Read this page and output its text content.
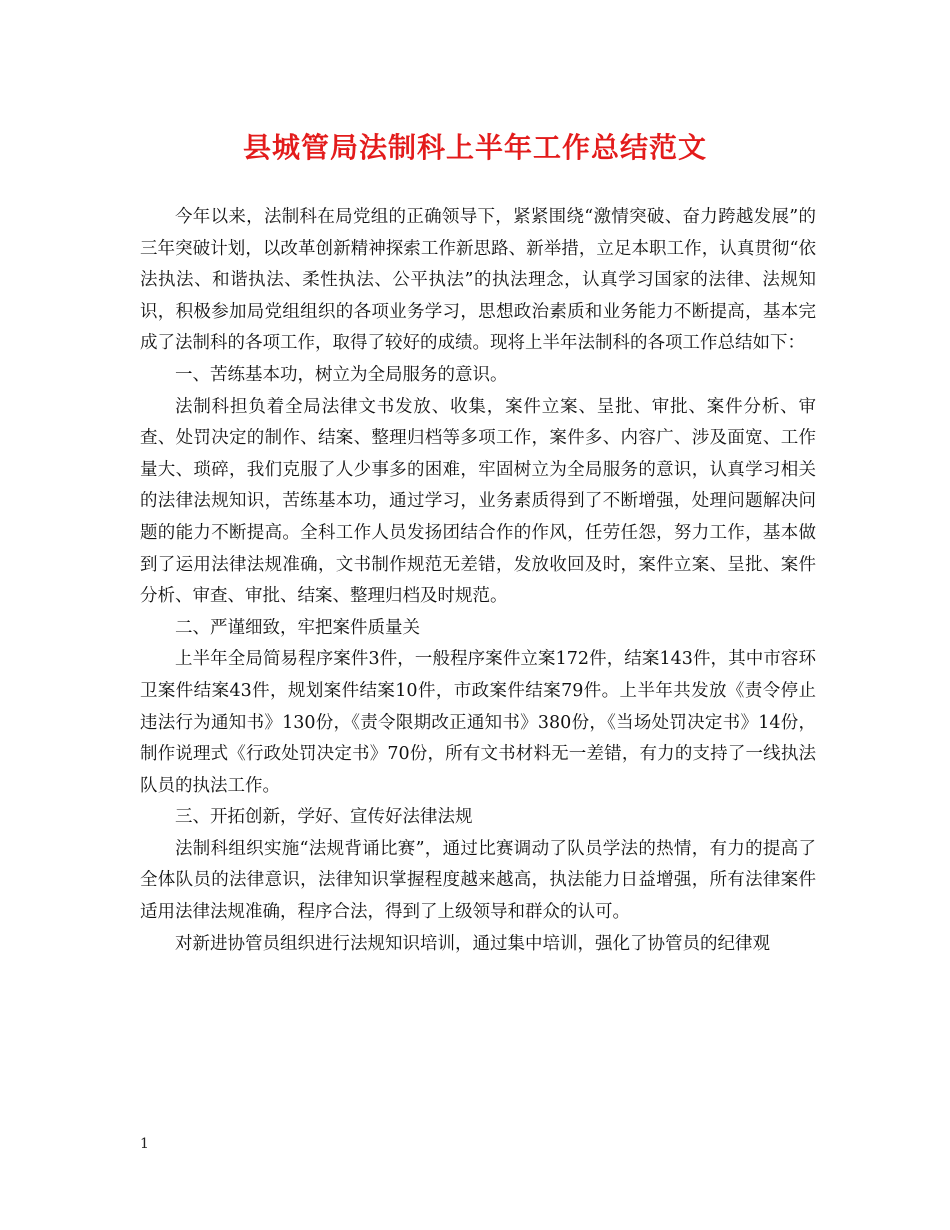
县城管局法制科上半年工作总结范文

今年以来，法制科在局党组的正确领导下，紧紧围绕“激情突破、奋力跨越发展”的三年突破计划，以改革创新精神探索工作新思路、新举措，立足本职工作，认真贯彻“依法执法、和谐执法、柔性执法、公平执法”的执法理念，认真学习国家的法律、法规知识，积极参加局党组组织的各项业务学习，思想政治素质和业务能力不断提高，基本完成了法制科的各项工作，取得了较好的成绩。现将上半年法制科的各项工作总结如下：

一、苦练基本功，树立为全局服务的意识。

法制科担负着全局法律文书发放、收集，案件立案、呈批、审批、案件分析、审查、处罚决定的制作、结案、整理归档等多项工作，案件多、内容广、涉及面宽、工作量大、琐碎，我们克服了人少事多的困难，牢固树立为全局服务的意识，认真学习相关的法律法规知识，苦练基本功，通过学习，业务素质得到了不断增强，处理问题解决问题的能力不断提高。全科工作人员发扬团结合作的作风，任劳任怨，努力工作，基本做到了运用法律法规准确，文书制作规范无差错，发放收回及时，案件立案、呈批、案件分析、审查、审批、结案、整理归档及时规范。

二、严谨细致，牢把案件质量关

上半年全局简易程序案件3件，一般程序案件立案172件，结案143件，其中市容环卫案件结案43件，规划案件结案10件，市政案件结案79件。上半年共发放《责令停止违法行为通知书》130份，《责令限期改正通知书》380份，《当场处罚决定书》14份，制作说理式《行政处罚决定书》70份，所有文书材料无一差错，有力的支持了一线执法队员的执法工作。

三、开拓创新，学好、宣传好法律法规

法制科组织实施“法规背诵比赛”，通过比赛调动了队员学法的热情，有力的提高了全体队员的法律意识，法律知识掌握程度越来越高，执法能力日益增强，所有法律案件适用法律法规准确，程序合法，得到了上级领导和群众的认可。

对新进协管员组织进行法规知识培训，通过集中培训，强化了协管员的纪律观

1
